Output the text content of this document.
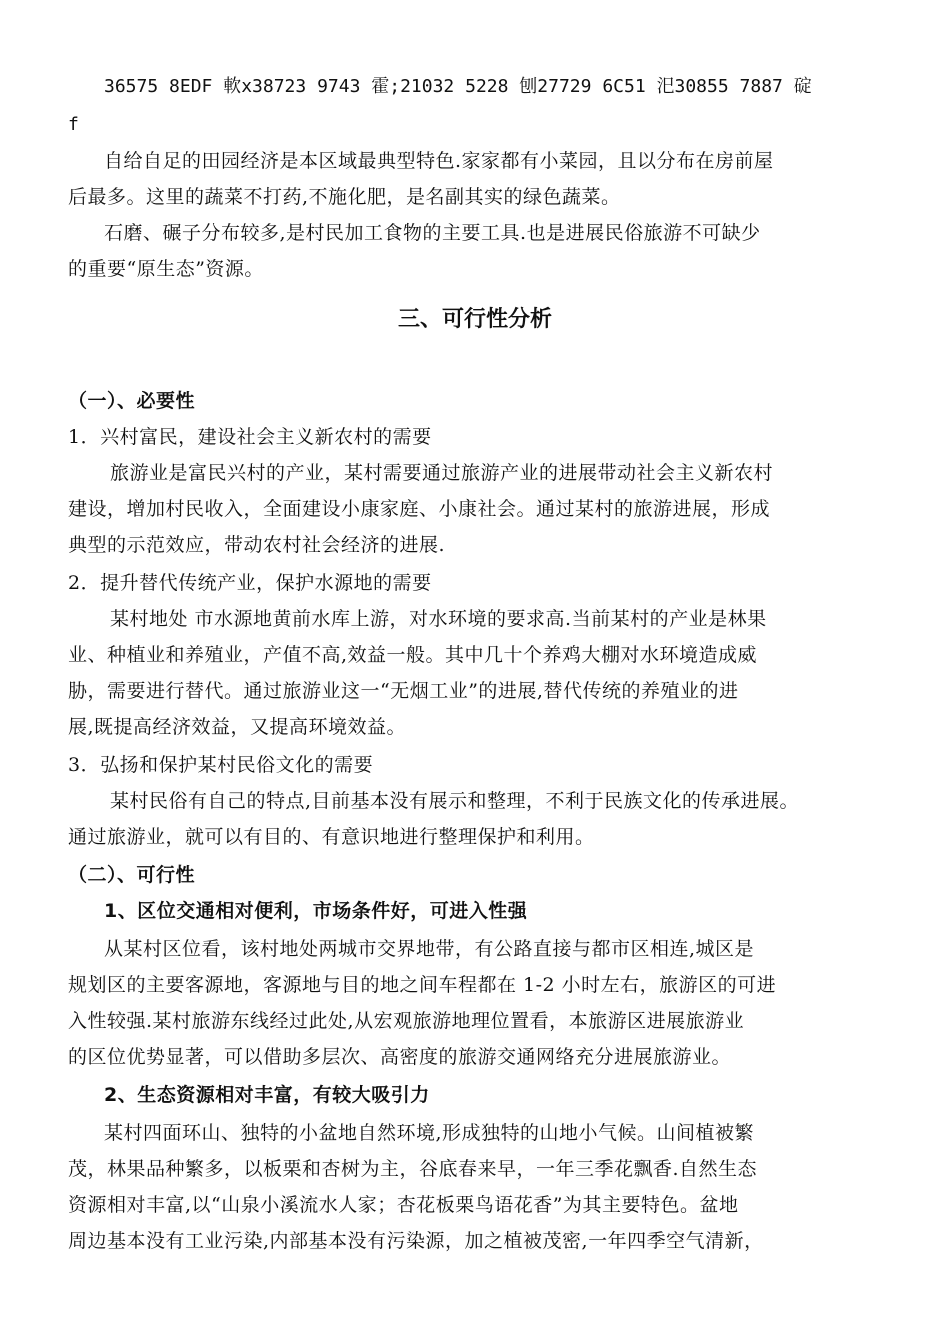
36575 8EDF 軟x38723 9743 霍;21032 5228 刨27729 6C51 汜30855 7887 碇
f
自给自足的田园经济是本区域最典型特色.家家都有小菜园，且以分布在房前屋
后最多。这里的蔬菜不打药,不施化肥，是名副其实的绿色蔬菜。
石磨、碾子分布较多,是村民加工食物的主要工具.也是进展民俗旅游不可缺少
的重要“原生态”资源。
三、可行性分析
（一）、必要性
1．兴村富民，建设社会主义新农村的需要
旅游业是富民兴村的产业，某村需要通过旅游产业的进展带动社会主义新农村
建设，增加村民收入，全面建设小康家庭、小康社会。通过某村的旅游进展，形成
典型的示范效应，带动农村社会经济的进展.
2．提升替代传统产业，保护水源地的需要
某村地处 市水源地黄前水库上游，对水环境的要求高.当前某村的产业是林果
业、种植业和养殖业，产值不高,效益一般。其中几十个养鸡大棚对水环境造成威
胁，需要进行替代。通过旅游业这一“无烟工业”的进展,替代传统的养殖业的进
展,既提高经济效益，又提高环境效益。
3．弘扬和保护某村民俗文化的需要
某村民俗有自己的特点,目前基本没有展示和整理，不利于民族文化的传承进展。
通过旅游业，就可以有目的、有意识地进行整理保护和利用。
（二）、可行性
1、区位交通相对便利，市场条件好，可进入性强
从某村区位看，该村地处两城市交界地带，有公路直接与都市区相连,城区是
规划区的主要客源地，客源地与目的地之间车程都在 1-2 小时左右，旅游区的可进
入性较强.某村旅游东线经过此处,从宏观旅游地理位置看，本旅游区进展旅游业
的区位优势显著，可以借助多层次、高密度的旅游交通网络充分进展旅游业。
2、生态资源相对丰富，有较大吸引力
某村四面环山、独特的小盆地自然环境,形成独特的山地小气候。山间植被繁
茂，林果品种繁多，以板栗和杏树为主，谷底春来早，一年三季花飘香.自然生态
资源相对丰富,以“山泉小溪流水人家；杏花板栗鸟语花香”为其主要特色。盆地
周边基本没有工业污染,内部基本没有污染源，加之植被茂密,一年四季空气清新，
